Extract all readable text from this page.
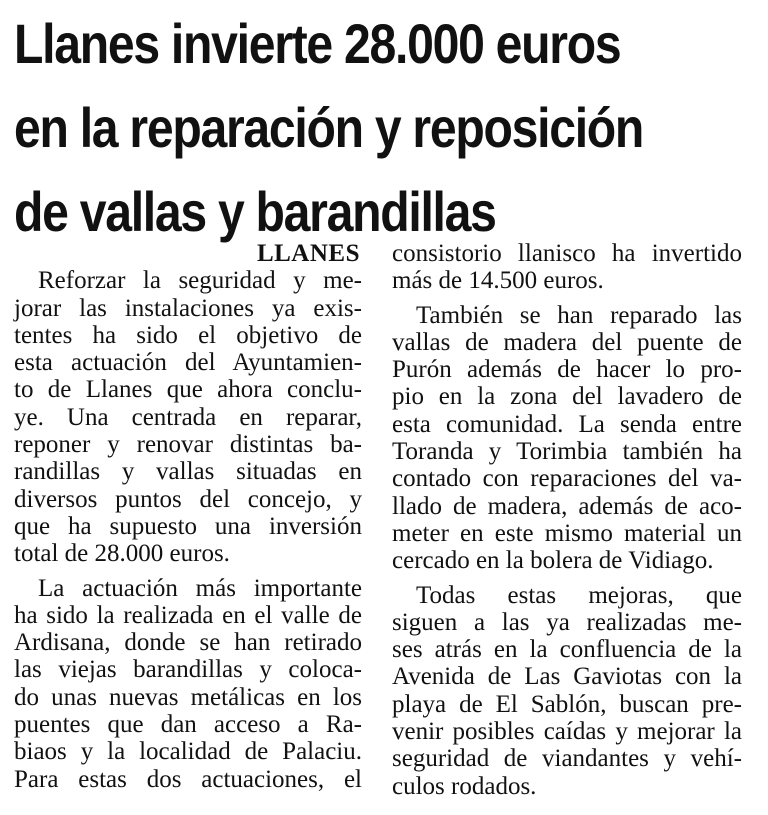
Llanes invierte 28.000 euros
en la reparación y reposición
de vallas y barandillas
LLANES
Reforzar la seguridad y me-
jorar las instalaciones ya exis-
tentes ha sido el objetivo de
esta actuación del Ayuntamien-
to de Llanes que ahora conclu-
ye. Una centrada en reparar,
reponer y renovar distintas ba-
randillas y vallas situadas en
diversos puntos del concejo, y
que ha supuesto una inversión
total de 28.000 euros.
La actuación más importante
ha sido la realizada en el valle de
Ardisana, donde se han retirado
las viejas barandillas y coloca-
do unas nuevas metálicas en los
puentes que dan acceso a Ra-
biaos y la localidad de Palaciu.
Para estas dos actuaciones, el
consistorio llanisco ha invertido
más de 14.500 euros.
También se han reparado las
vallas de madera del puente de
Purón además de hacer lo pro-
pio en la zona del lavadero de
esta comunidad. La senda entre
Toranda y Torimbia también ha
contado con reparaciones del va-
llado de madera, además de aco-
meter en este mismo material un
cercado en la bolera de Vidiago.
Todas estas mejoras, que
siguen a las ya realizadas me-
ses atrás en la confluencia de la
Avenida de Las Gaviotas con la
playa de El Sablón, buscan pre-
venir posibles caídas y mejorar la
seguridad de viandantes y vehí-
culos rodados.
